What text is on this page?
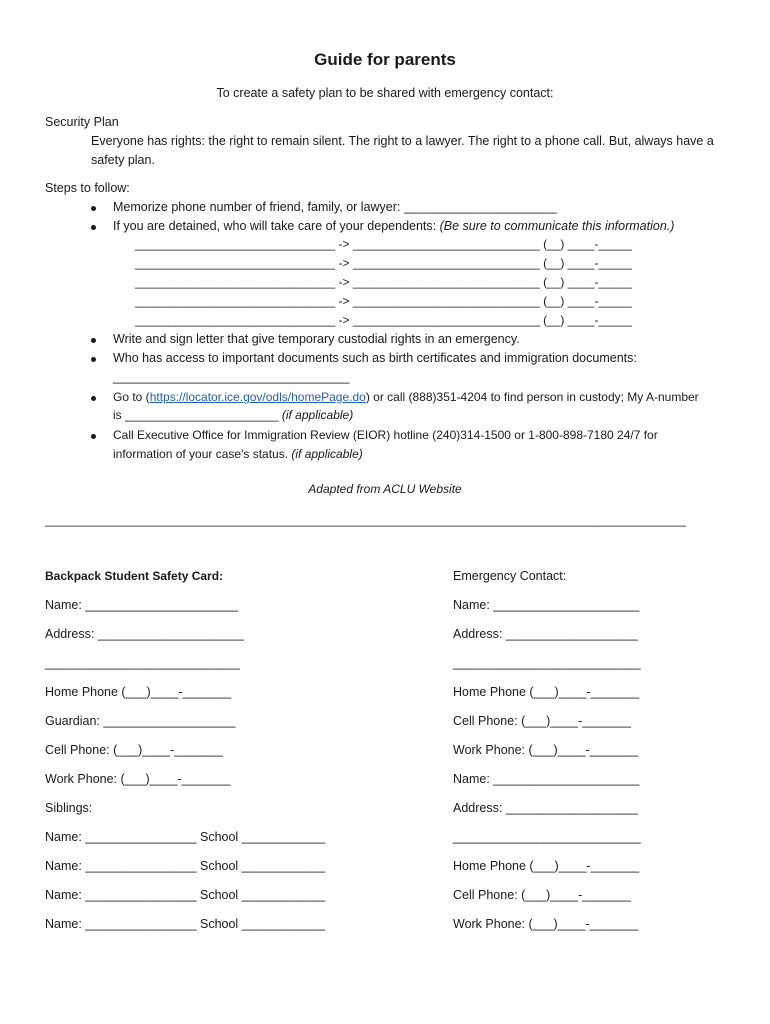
Guide for parents
To create a safety plan to be shared with emergency contact:
Security Plan
Everyone has rights: the right to remain silent. The right to a lawyer. The right to a phone call. But, always have a safety plan.
Steps to follow:
Memorize phone number of friend, family, or lawyer: ______________________
If you are detained, who will take care of your dependents: (Be sure to communicate this information.)
______________________________ -> ____________________________ (__) ____-_____
______________________________ -> ____________________________ (__) ____-_____
______________________________ -> ____________________________ (__) ____-_____
______________________________ -> ____________________________ (__) ____-_____
______________________________ -> ____________________________ (__) ____-_____
Write and sign letter that give temporary custodial rights in an emergency.
Who has access to important documents such as birth certificates and immigration documents:
__________________________________
Go to (https://locator.ice.gov/odls/homePage.do) or call (888)351-4204 to find person in custody; My A-number
is _______________________ (if applicable)
Call Executive Office for Immigration Review (EIOR) hotline (240)314-1500 or 1-800-898-7180 24/7 for
information of your case's status. (if applicable)
Adapted from ACLU Website
________________________________________________________________________________________________
Backpack Student Safety Card:
Name: ______________________
Address: _____________________
____________________________
Home Phone (___)____-_______
Guardian: ___________________
Cell Phone: (___)____-_______
Work Phone: (___)____-_______
Siblings:
Name: ________________ School ____________
Name: ________________ School ____________
Name: ________________ School ____________
Name: ________________ School ____________
Emergency Contact:
Name: _____________________
Address: ___________________
___________________________
Home Phone (___)____-_______
Cell Phone: (___)____-_______
Work Phone: (___)____-_______
Name: _____________________
Address: ___________________
___________________________
Home Phone (___)____-_______
Cell Phone: (___)____-_______
Work Phone: (___)____-_______
